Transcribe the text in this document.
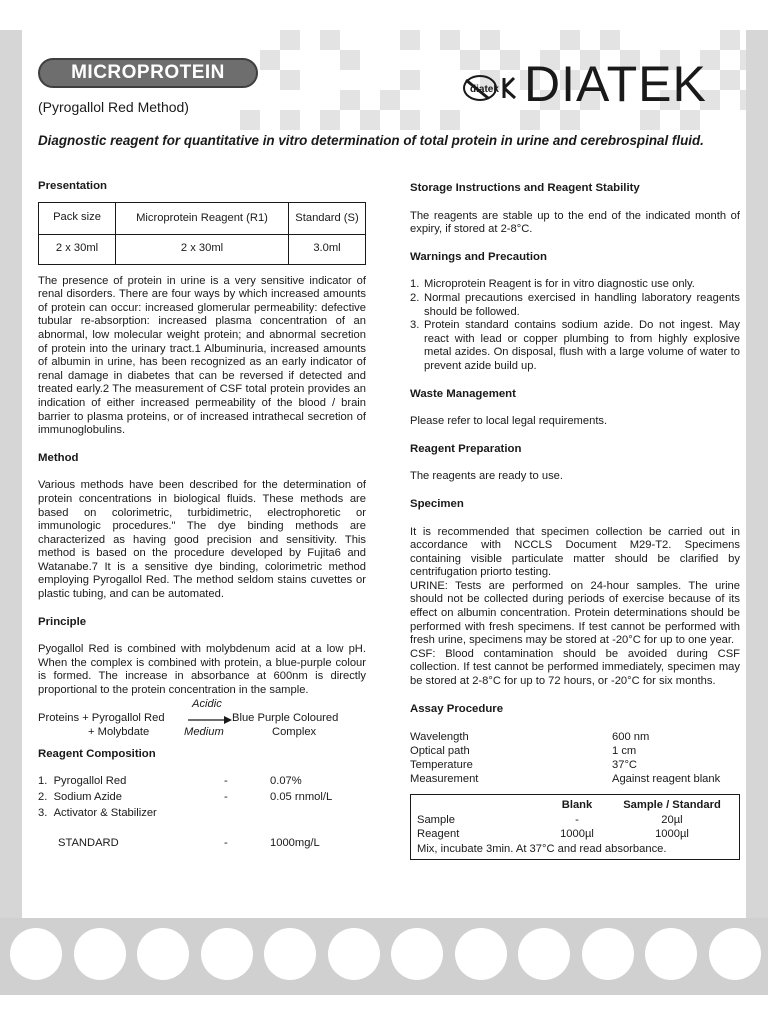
MICROPROTEIN
(Pyrogallol Red Method)
diatek DIATEK
Diagnostic reagent for quantitative in vitro determination of total protein in urine and cerebrospinal fluid.
Presentation
Pack size	Microprotein Reagent (R1)	Standard (S)
2 x 30ml	2 x 30ml	3.0ml

The presence of protein in urine is a very sensitive indicator of renal disorders. There are four ways by which increased amounts of protein can occur: increased glomerular permeability: defective tubular re-absorption: increased plasma concentration of an abnormal, low molecular weight protein; and abnormal secretion of protein into the urinary tract.1 Albuminuria, increased amounts of albumin in urine, has been recognized as an early indicator of renal damage in diabetes that can be reversed if detected and treated early.2 The measurement of CSF total protein provides an indication of either increased permeability of the blood / brain barrier to plasma proteins, or of increased intrathecal secretion of immunoglobulins.

Method

Various methods have been described for the determination of protein concentrations in biological fluids. These methods are based on colorimetric, turbidimetric, electrophoretic or immunologic procedures." The dye binding methods are characterized as having good precision and sensitivity. This method is based on the procedure developed by Fujita6 and Watanabe.7 It is a sensitive dye binding, colorimetric method employing Pyrogallol Red. The method seldom stains cuvettes or plastic tubing, and can be automated.

Principle

Pyogallol Red is combined with molybdenum acid at a low pH. When the complex is combined with protein, a blue-purple colour is formed. The increase in absorbance at 600nm is directly proportional to the protein concentration in the sample.

Proteins + Pyrogallol Red
+ Molybdate
Acidic
Medium
Blue Purple Coloured
Complex
Reagent Composition
1. Pyrogallol Red	-	0.07%
2. Sodium Azide	-	0.05 rnmol/L
3. Activator & Stabilizer
STANDARD	-	1000mg/L
Storage Instructions and Reagent Stability

The reagents are stable up to the end of the indicated month of expiry, if stored at 2-8°C.

Warnings and Precaution
1. Microprotein Reagent is for in vitro diagnostic use only.
2. Normal precautions exercised in handling laboratory reagents should be followed.
3. Protein standard contains sodium azide. Do not ingest. May react with lead or copper plumbing to from highly explosive metal azides. On disposal, flush with a large volume of water to prevent azide build up.
Waste Management

Please refer to local legal requirements.

Reagent Preparation

The reagents are ready to use.

Specimen

It is recommended that specimen collection be carried out in accordance with NCCLS Document M29-T2. Specimens containing visible particulate matter should be clarified by centrifugation priorto testing.

URINE: Tests are performed on 24-hour samples. The urine should not be collected during periods of exercise because of its effect on albumin concentration. Protein determinations should be performed with fresh specimens. If test cannot be performed with fresh urine, specimens may be stored at -20°C for up to one year.

CSF: Blood contamination should be avoided during CSF collection. If test cannot be performed immediately, specimen may be stored at 2-8°C for up to 72 hours, or -20°C for six months.

Assay Procedure
Wavelength	600 nm
Optical path	1 cm
Temperature	37°C
Measurement	Against reagent blank
Blank	Sample / Standard
Sample	-	20µl
Reagent	1000µl	1000µl
Mix, incubate 3min. At 37°C and read absorbance.
